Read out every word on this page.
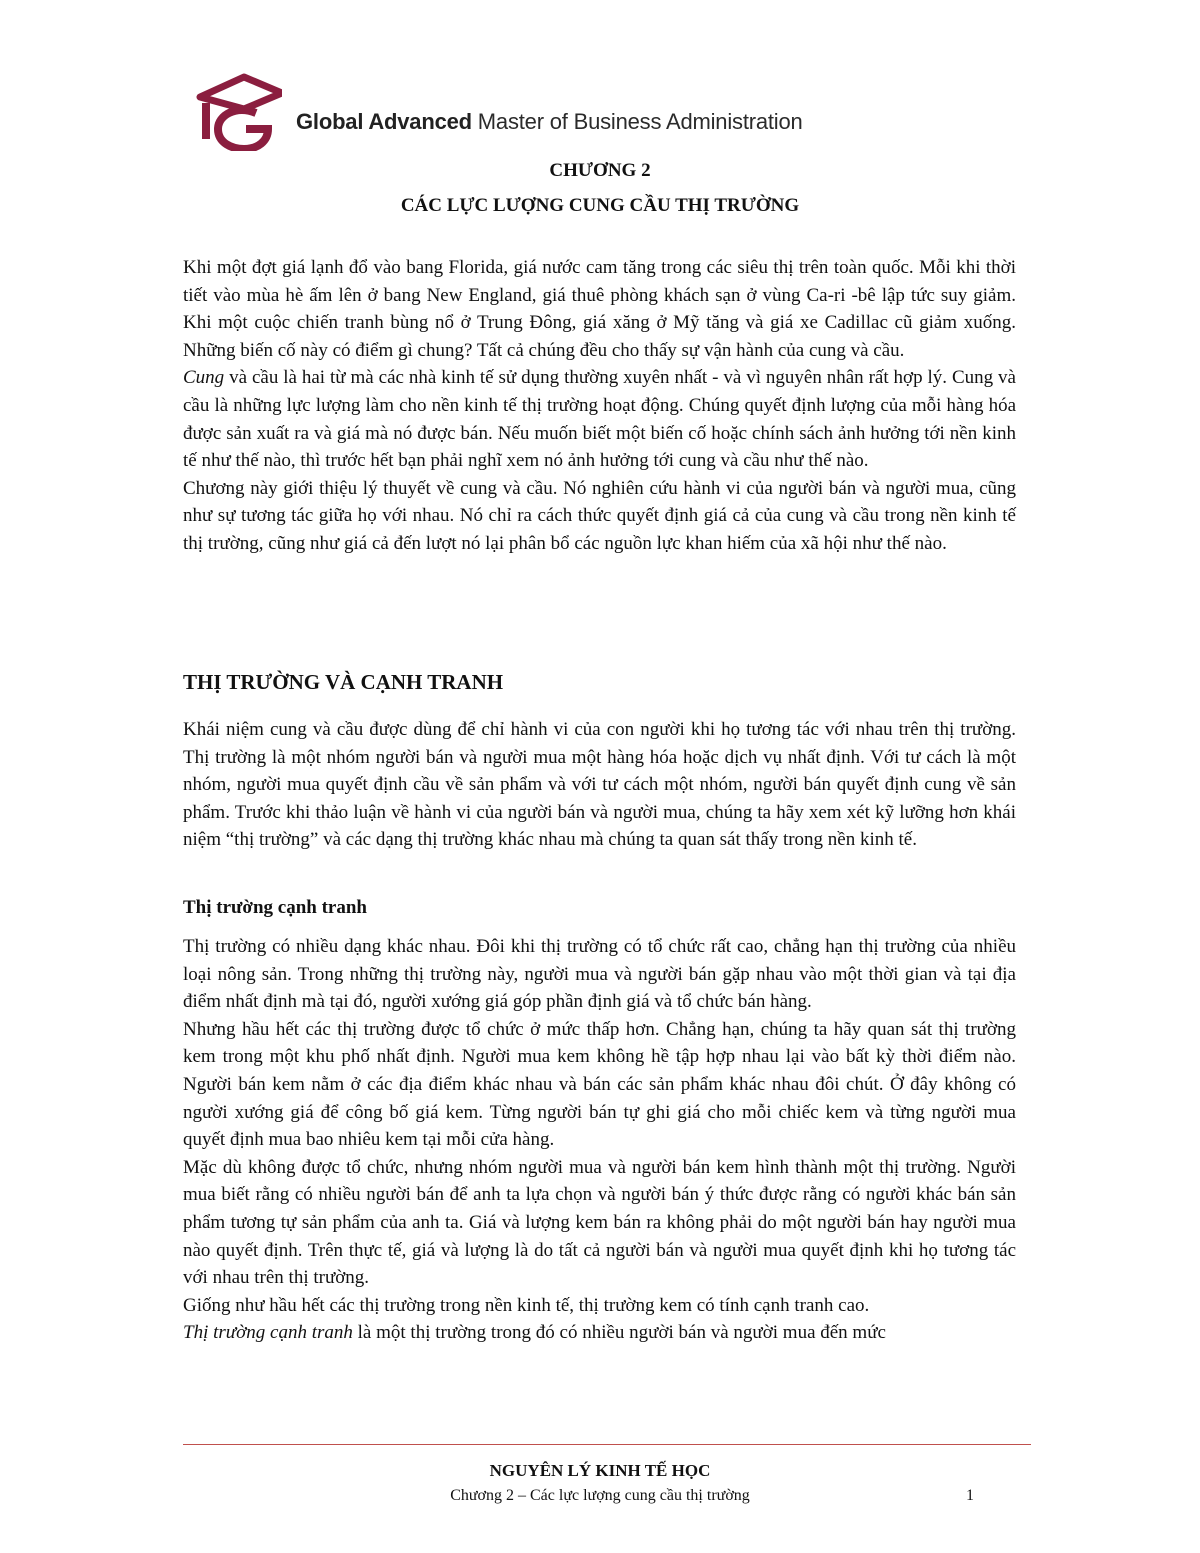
Global Advanced Master of Business Administration
CHƯƠNG 2
CÁC LỰC LƯỢNG CUNG CẦU THỊ TRƯỜNG

Khi một đợt giá lạnh đổ vào bang Florida, giá nước cam tăng trong các siêu thị trên toàn quốc. Mỗi khi thời tiết vào mùa hè ấm lên ở bang New England, giá thuê phòng khách sạn ở vùng Ca-ri -bê lập tức suy giảm. Khi một cuộc chiến tranh bùng nổ ở Trung Đông, giá xăng ở Mỹ tăng và giá xe Cadillac cũ giảm xuống. Những biến cố này có điểm gì chung? Tất cả chúng đều cho thấy sự vận hành của cung và cầu.

Cung và cầu là hai từ mà các nhà kinh tế sử dụng thường xuyên nhất - và vì nguyên nhân rất hợp lý. Cung và cầu là những lực lượng làm cho nền kinh tế thị trường hoạt động. Chúng quyết định lượng của mỗi hàng hóa được sản xuất ra và giá mà nó được bán. Nếu muốn biết một biến cố hoặc chính sách ảnh hưởng tới nền kinh tế như thế nào, thì trước hết bạn phải nghĩ xem nó ảnh hưởng tới cung và cầu như thế nào.

Chương này giới thiệu lý thuyết về cung và cầu. Nó nghiên cứu hành vi của người bán và người mua, cũng như sự tương tác giữa họ với nhau. Nó chỉ ra cách thức quyết định giá cả của cung và cầu trong nền kinh tế thị trường, cũng như giá cả đến lượt nó lại phân bổ các nguồn lực khan hiếm của xã hội như thế nào.

THỊ TRƯỜNG VÀ CẠNH TRANH

Khái niệm cung và cầu được dùng để chỉ hành vi của con người khi họ tương tác với nhau trên thị trường. Thị trường là một nhóm người bán và người mua một hàng hóa hoặc dịch vụ nhất định. Với tư cách là một nhóm, người mua quyết định cầu về sản phẩm và với tư cách một nhóm, người bán quyết định cung về sản phẩm. Trước khi thảo luận về hành vi của người bán và người mua, chúng ta hãy xem xét kỹ lưỡng hơn khái niệm “thị trường” và các dạng thị trường khác nhau mà chúng ta quan sát thấy trong nền kinh tế.

Thị trường cạnh tranh

Thị trường có nhiều dạng khác nhau. Đôi khi thị trường có tổ chức rất cao, chẳng hạn thị trường của nhiều loại nông sản. Trong những thị trường này, người mua và người bán gặp nhau vào một thời gian và tại địa điểm nhất định mà tại đó, người xướng giá góp phần định giá và tổ chức bán hàng.

Nhưng hầu hết các thị trường được tổ chức ở mức thấp hơn. Chẳng hạn, chúng ta hãy quan sát thị trường kem trong một khu phố nhất định. Người mua kem không hề tập hợp nhau lại vào bất kỳ thời điểm nào. Người bán kem nằm ở các địa điểm khác nhau và bán các sản phẩm khác nhau đôi chút. Ở đây không có người xướng giá để công bố giá kem. Từng người bán tự ghi giá cho mỗi chiếc kem và từng người mua quyết định mua bao nhiêu kem tại mỗi cửa hàng.

Mặc dù không được tổ chức, nhưng nhóm người mua và người bán kem hình thành một thị trường. Người mua biết rằng có nhiều người bán để anh ta lựa chọn và người bán ý thức được rằng có người khác bán sản phẩm tương tự sản phẩm của anh ta. Giá và lượng kem bán ra không phải do một người bán hay người mua nào quyết định. Trên thực tế, giá và lượng là do tất cả người bán và người mua quyết định khi họ tương tác với nhau trên thị trường.

Giống như hầu hết các thị trường trong nền kinh tế, thị trường kem có tính cạnh tranh cao.

Thị trường cạnh tranh là một thị trường trong đó có nhiều người bán và người mua đến mức

NGUYÊN LÝ KINH TẾ HỌC
Chương 2 – Các lực lượng cung cầu thị trường	1
